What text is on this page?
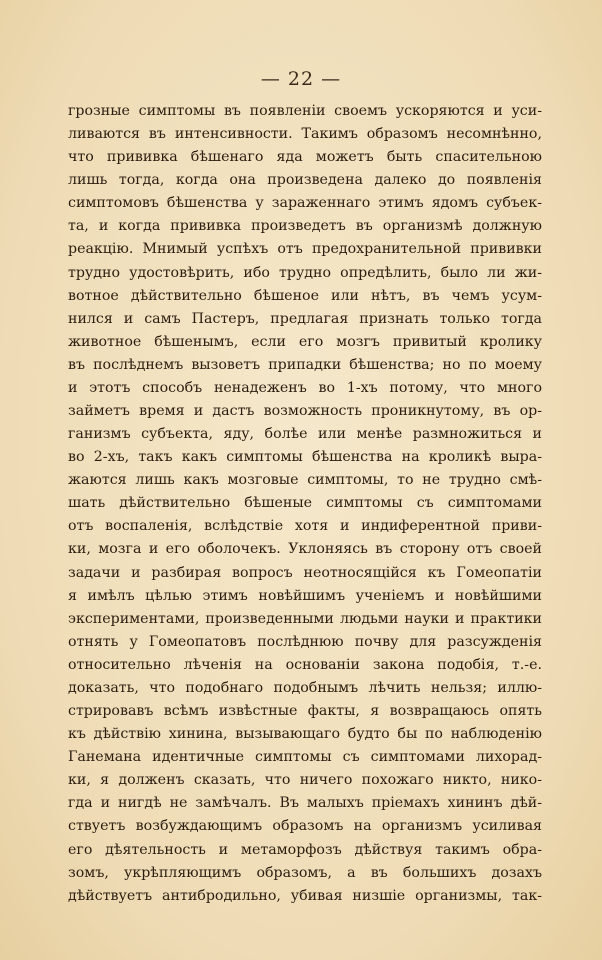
— 22 —
грозные симптомы въ появленіи своемъ ускоряются и уси-
ливаются въ интенсивности. Такимъ образомъ несомнѣнно,
что прививка бѣшенаго яда можетъ быть спасительною
лишь тогда, когда она произведена далеко до появленія
симптомовъ бѣшенства у зараженнаго этимъ ядомъ субъек-
та, и когда прививка произведетъ въ организмѣ должную
реакцію. Мнимый успѣхъ отъ предохранительной прививки
трудно удостовѣрить, ибо трудно опредѣлить, было ли жи-
вотное дѣйствительно бѣшеное или нѣтъ, въ чемъ усум-
нился и самъ Пастеръ, предлагая признать только тогда
животное бѣшенымъ, если его мозгъ привитый кролику
въ послѣднемъ вызоветъ припадки бѣшенства; но по моему
и этотъ способъ ненадеженъ во 1-хъ потому, что много
займетъ время и дастъ возможность проникнутому, въ ор-
ганизмъ субъекта, яду, болѣе или менѣе размножиться и
во 2-хъ, такъ какъ симптомы бѣшенства на кроликѣ выра-
жаются лишь какъ мозговые симптомы, то не трудно смѣ-
шать дѣйствительно бѣшеные симптомы съ симптомами
отъ воспаленія, вслѣдствіе хотя и индиферентной приви-
ки, мозга и его оболочекъ. Уклоняясь въ сторону отъ своей
задачи и разбирая вопросъ неотносящійся къ Гомеопатіи
я имѣлъ цѣлью этимъ новѣйшимъ ученіемъ и новѣйшими
экспериментами, произведенными людьми науки и практики
отнять у Гомеопатовъ послѣднюю почву для разсужденія
относительно лѣченія на основаніи закона подобія, т.-е.
доказать, что подобнаго подобнымъ лѣчить нельзя; иллю-
стрировавъ всѣмъ извѣстные факты, я возвращаюсь опять
къ дѣйствію хинина, вызывающаго будто бы по наблюденію
Ганемана идентичные симптомы съ симптомами лихорад-
ки, я долженъ сказать, что ничего похожаго никто, нико-
гда и нигдѣ не замѣчалъ. Въ малыхъ пріемахъ хининъ дѣй-
ствуетъ возбуждающимъ образомъ на организмъ усиливая
его дѣятельность и метаморфозъ дѣйствуя такимъ обра-
зомъ, укрѣпляющимъ образомъ, а въ большихъ дозахъ
дѣйствуетъ антибродильно, убивая низшіе организмы, так-
